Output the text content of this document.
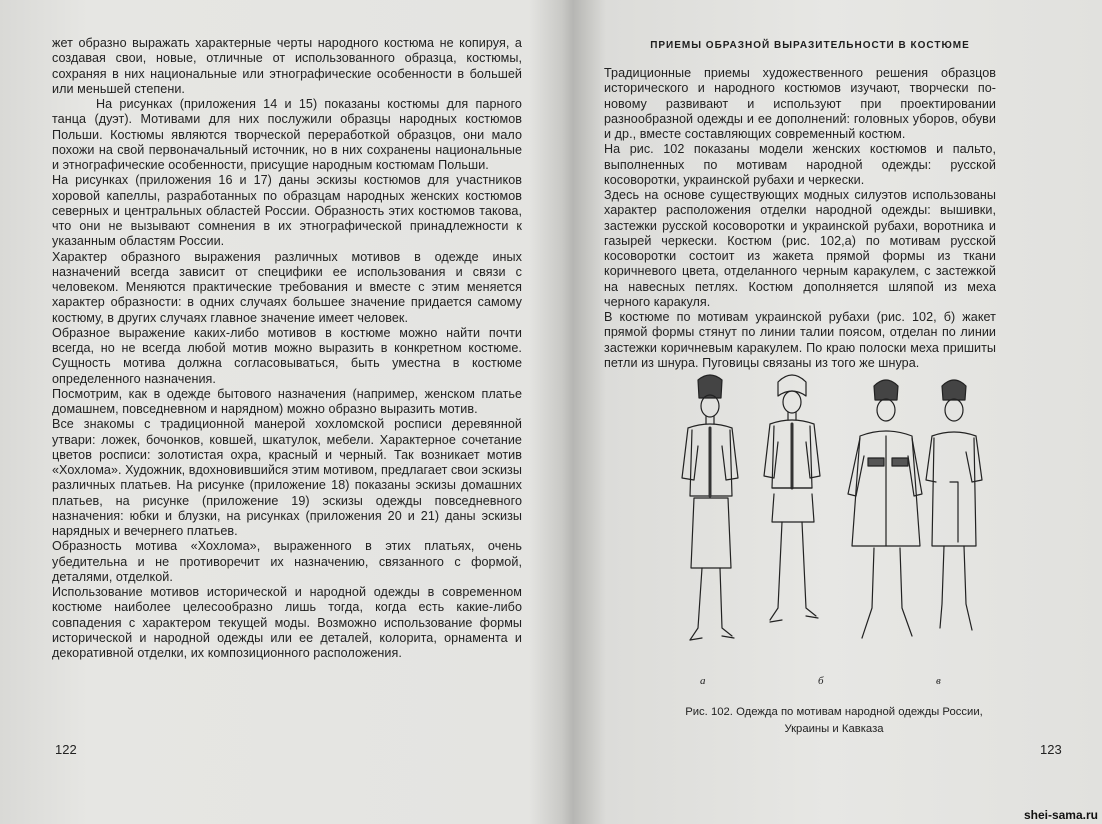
жет образно выражать характерные черты народного костюма не копируя, а создавая свои, новые, отличные от использованного образца, костюмы, сохраняя в них национальные или этнографические особенности в большей или меньшей степени.

На рисунках (приложения 14 и 15) показаны костюмы для парного танца (дуэт). Мотивами для них послужили образцы народных костюмов Польши. Костюмы являются творческой переработкой образцов, они мало похожи на свой первоначальный источник, но в них сохранены национальные и этнографические особенности, присущие народным костюмам Польши.

На рисунках (приложения 16 и 17) даны эскизы костюмов для участников хоровой капеллы, разработанных по образцам народных женских костюмов северных и центральных областей России. Образность этих костюмов такова, что они не вызывают сомнения в их этнографической принадлежности к указанным областям России.

Характер образного выражения различных мотивов в одежде иных назначений всегда зависит от специфики ее использования и связи с человеком. Меняются практические требования и вместе с этим меняется характер образности: в одних случаях большее значение придается самому костюму, в других случаях главное значение имеет человек.

Образное выражение каких-либо мотивов в костюме можно найти почти всегда, но не всегда любой мотив можно выразить в конкретном костюме. Сущность мотива должна согласовываться, быть уместна в костюме определенного назначения.

Посмотрим, как в одежде бытового назначения (например, женском платье домашнем, повседневном и нарядном) можно образно выразить мотив.

Все знакомы с традиционной манерой хохломской росписи деревянной утвари: ложек, бочонков, ковшей, шкатулок, мебели. Характерное сочетание цветов росписи: золотистая охра, красный и черный. Так возникает мотив «Хохлома». Художник, вдохновившийся этим мотивом, предлагает свои эскизы различных платьев. На рисунке (приложение 18) показаны эскизы домашних платьев, на рисунке (приложение 19) эскизы одежды повседневного назначения: юбки и блузки, на рисунках (приложения 20 и 21) даны эскизы нарядных и вечернего платьев.

Образность мотива «Хохлома», выраженного в этих платьях, очень убедительна и не противоречит их назначению, связанного с формой, деталями, отделкой.

Использование мотивов исторической и народной одежды в современном костюме наиболее целесообразно лишь тогда, когда есть какие-либо совпадения с характером текущей моды. Возможно использование формы исторической и народной одежды или ее деталей, колорита, орнамента и декоративной отделки, их композиционного расположения.

122
ПРИЕМЫ ОБРАЗНОЙ ВЫРАЗИТЕЛЬНОСТИ В КОСТЮМЕ

Традиционные приемы художественного решения образцов исторического и народного костюмов изучают, творчески по-новому развивают и используют при проектировании разнообразной одежды и ее дополнений: головных уборов, обуви и др., вместе составляющих современный костюм.

На рис. 102 показаны модели женских костюмов и пальто, выполненных по мотивам народной одежды: русской косоворотки, украинской рубахи и черкески.

Здесь на основе существующих модных силуэтов использованы характер расположения отделки народной одежды: вышивки, застежки русской косоворотки и украинской рубахи, воротника и газырей черкески. Костюм (рис. 102,а) по мотивам русской косоворотки состоит из жакета прямой формы из ткани коричневого цвета, отделанного черным каракулем, с застежкой на навесных петлях. Костюм дополняется шляпой из меха черного каракуля.

В костюме по мотивам украинской рубахи (рис. 102, б) жакет прямой формы стянут по линии талии поясом, отделан по линии застежки коричневым каракулем. По краю полоски меха пришиты петли из шнура. Пуговицы связаны из того же шнура.

а	б	в
Рис. 102. Одежда по мотивам народной одежды России, Украины и Кавказа
123
shei-sama.ru
